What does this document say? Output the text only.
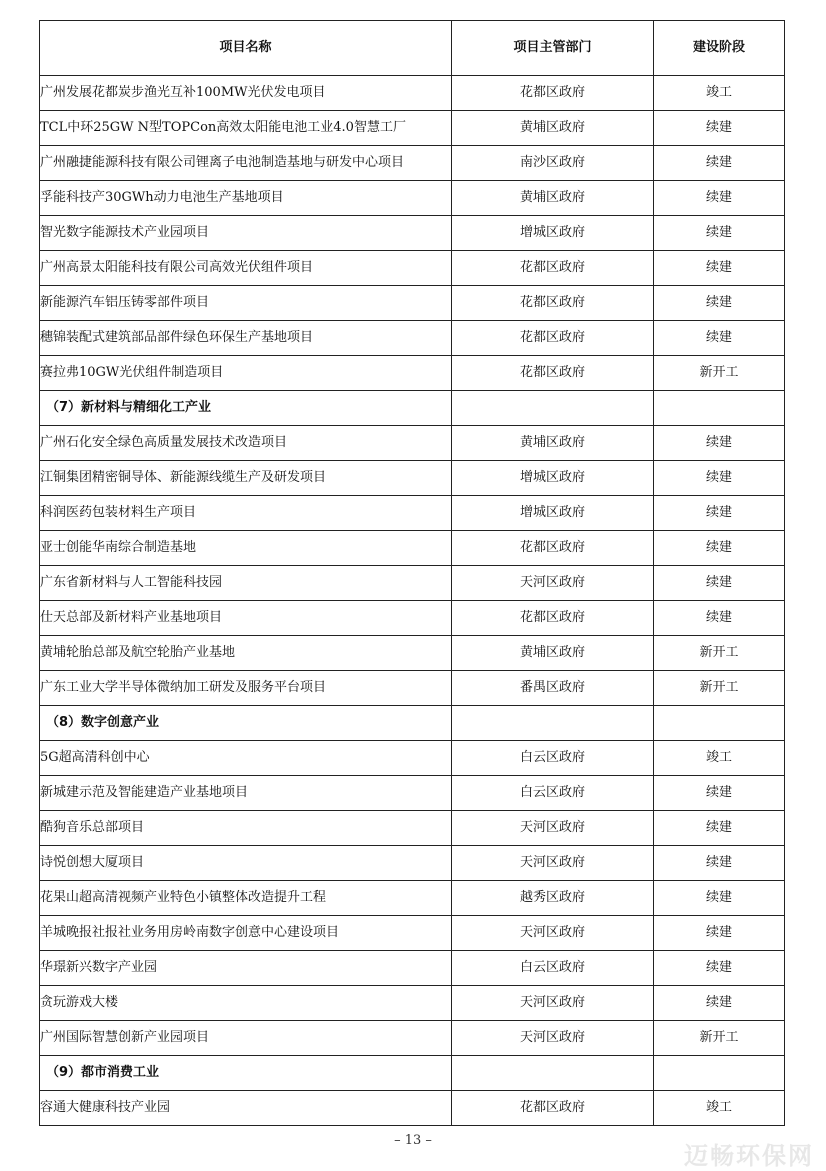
项目名称	项目主管部门	建设阶段
广州发展花都炭步渔光互补100MW光伏发电项目	花都区政府	竣工
TCL中环25GW N型TOPCon高效太阳能电池工业4.0智慧工厂	黄埔区政府	续建
广州融捷能源科技有限公司锂离子电池制造基地与研发中心项目	南沙区政府	续建
孚能科技产30GWh动力电池生产基地项目	黄埔区政府	续建
智光数字能源技术产业园项目	增城区政府	续建
广州高景太阳能科技有限公司高效光伏组件项目	花都区政府	续建
新能源汽车铝压铸零部件项目	花都区政府	续建
穗锦装配式建筑部品部件绿色环保生产基地项目	花都区政府	续建
赛拉弗10GW光伏组件制造项目	花都区政府	新开工
（7）新材料与精细化工产业		
广州石化安全绿色高质量发展技术改造项目	黄埔区政府	续建
江铜集团精密铜导体、新能源线缆生产及研发项目	增城区政府	续建
科润医药包装材料生产项目	增城区政府	续建
亚士创能华南综合制造基地	花都区政府	续建
广东省新材料与人工智能科技园	天河区政府	续建
仕天总部及新材料产业基地项目	花都区政府	续建
黄埔轮胎总部及航空轮胎产业基地	黄埔区政府	新开工
广东工业大学半导体微纳加工研发及服务平台项目	番禺区政府	新开工
（8）数字创意产业		
5G超高清科创中心	白云区政府	竣工
新城建示范及智能建造产业基地项目	白云区政府	续建
酷狗音乐总部项目	天河区政府	续建
诗悦创想大厦项目	天河区政府	续建
花果山超高清视频产业特色小镇整体改造提升工程	越秀区政府	续建
羊城晚报社报社业务用房岭南数字创意中心建设项目	天河区政府	续建
华璟新兴数字产业园	白云区政府	续建
贪玩游戏大楼	天河区政府	续建
广州国际智慧创新产业园项目	天河区政府	新开工
（9）都市消费工业		
容通大健康科技产业园	花都区政府	竣工
– 13 –
迈畅环保网
